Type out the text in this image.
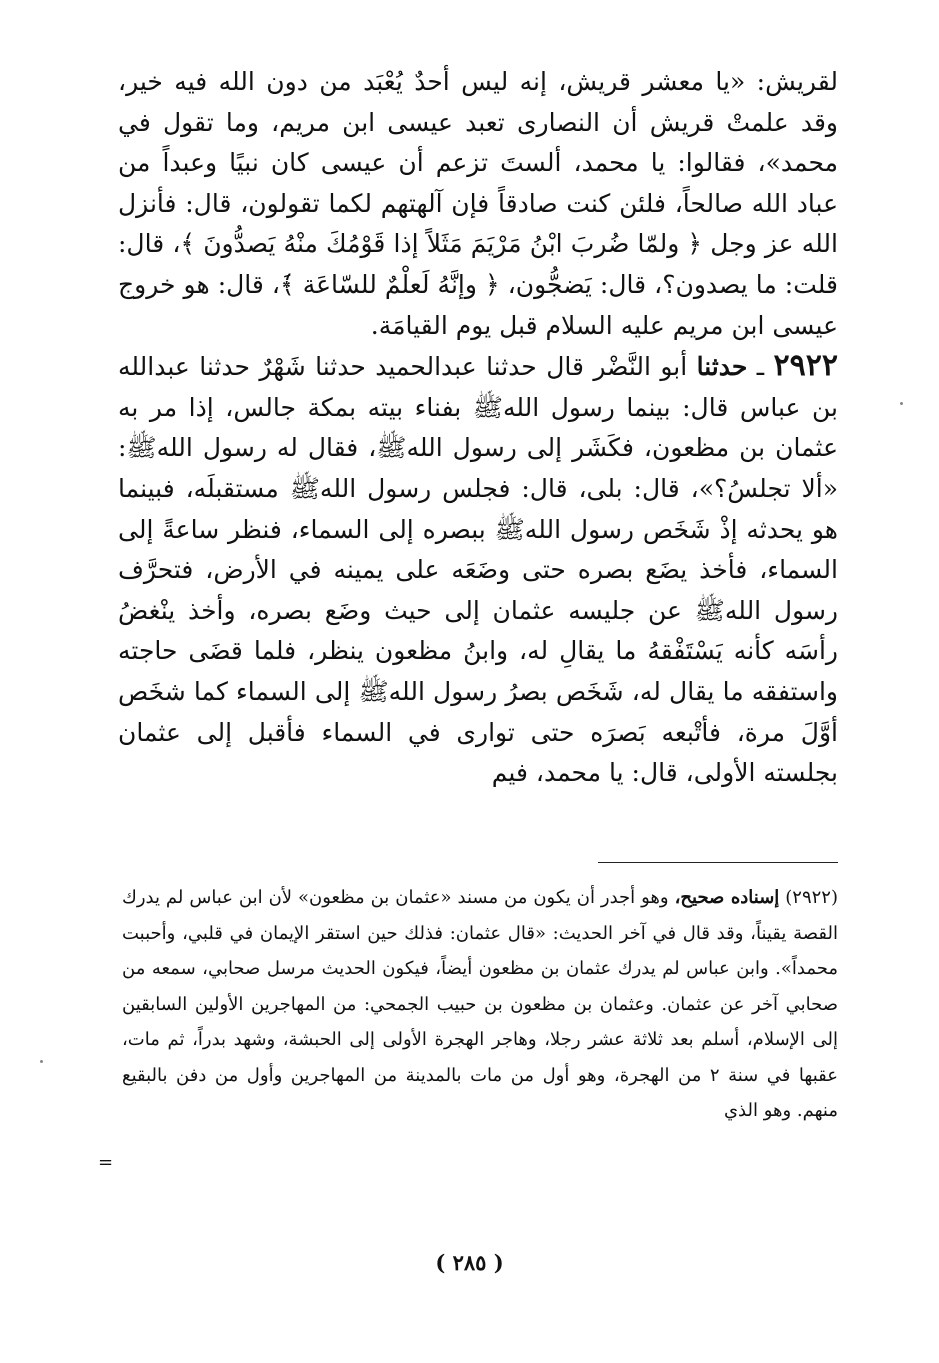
لقريش: «يا معشر قريش، إنه ليس أحدٌ يُعْبَد من دون الله فيه خير، وقد علمتْ قريش أن النصارى تعبد عيسى ابن مريم، وما تقول في محمد»، فقالوا: يا محمد، ألستَ تزعم أن عيسى كان نبيًا وعبداً من عباد الله صالحاً، فلئن كنت صادقاً فإن آلهتهم لكما تقولون، قال: فأنزل الله عز وجل ﴿ ولمّا ضُربَ ابْنُ مَرْيَمَ مَثَلاً إذا قَوْمُكَ منْهُ يَصدُّونَ ﴾، قال: قلت: ما يصدون؟، قال: يَضجُّون، ﴿ وإنَّهُ لَعلْمٌ للسّاعَة ﴾َ، قال: هو خروج عيسى ابن مريم عليه السلام قبل يوم القيامَة.

٢٩٢٢ ـ حدثنا أبو النَّضْر قال حدثنا عبدالحميد حدثنا شَهْرٌ حدثنا عبدالله بن عباس قال: بينما رسول اللهﷺ بفناء بيته بمكة جالس، إذا مر به عثمان بن مظعون، فكَشَر إلى رسول اللهﷺ، فقال له رسول اللهﷺ: «ألا تجلسُ؟»، قال: بلى، قال: فجلس رسول اللهﷺ مستقبلَه، فبينما هو يحدثه إذْ شَخَص رسول اللهﷺ ببصره إلى السماء، فنظر ساعةً إلى السماء، فأخذ يضَع بصره حتى وضَعَه على يمينه في الأرض، فتحرَّف رسول اللهﷺ عن جليسه عثمان إلى حيث وضَع بصره، وأخذ ينْغضُ رأسَه كأنه يَسْتَفْقهُ ما يقالِ له، وابنُ مظعون ينظر، فلما قضَى حاجته واستفقه ما يقال له، شَخَص بصرُ رسول اللهﷺ إلى السماء كما شخَص أوَّلَ مرة، فأتْبعه بَصرَه حتى توارى في السماء فأقبل إلى عثمان بجلسته الأولى، قال: يا محمد، فيم

(٢٩٢٢) إسناده صحيح، وهو أجدر أن يكون من مسند «عثمان بن مظعون» لأن ابن عباس لم يدرك القصة يقيناً، وقد قال في آخر الحديث: «قال عثمان: فذلك حين استقر الإيمان في قلبي، وأحببت محمداً». وابن عباس لم يدرك عثمان بن مظعون أيضاً، فيكون الحديث مرسل صحابي، سمعه من صحابي آخر عن عثمان. وعثمان بن مظعون بن حبيب الجمحي: من المهاجرين الأولين السابقين إلى الإسلام، أسلم بعد ثلاثة عشر رجلا، وهاجر الهجرة الأولى إلى الحبشة، وشهد بدراً، ثم مات، عقبها في سنة ٢ من الهجرة، وهو أول من مات بالمدينة من المهاجرين وأول من دفن بالبقيع منهم. وهو الذي

=
( ٢٨٥ )
